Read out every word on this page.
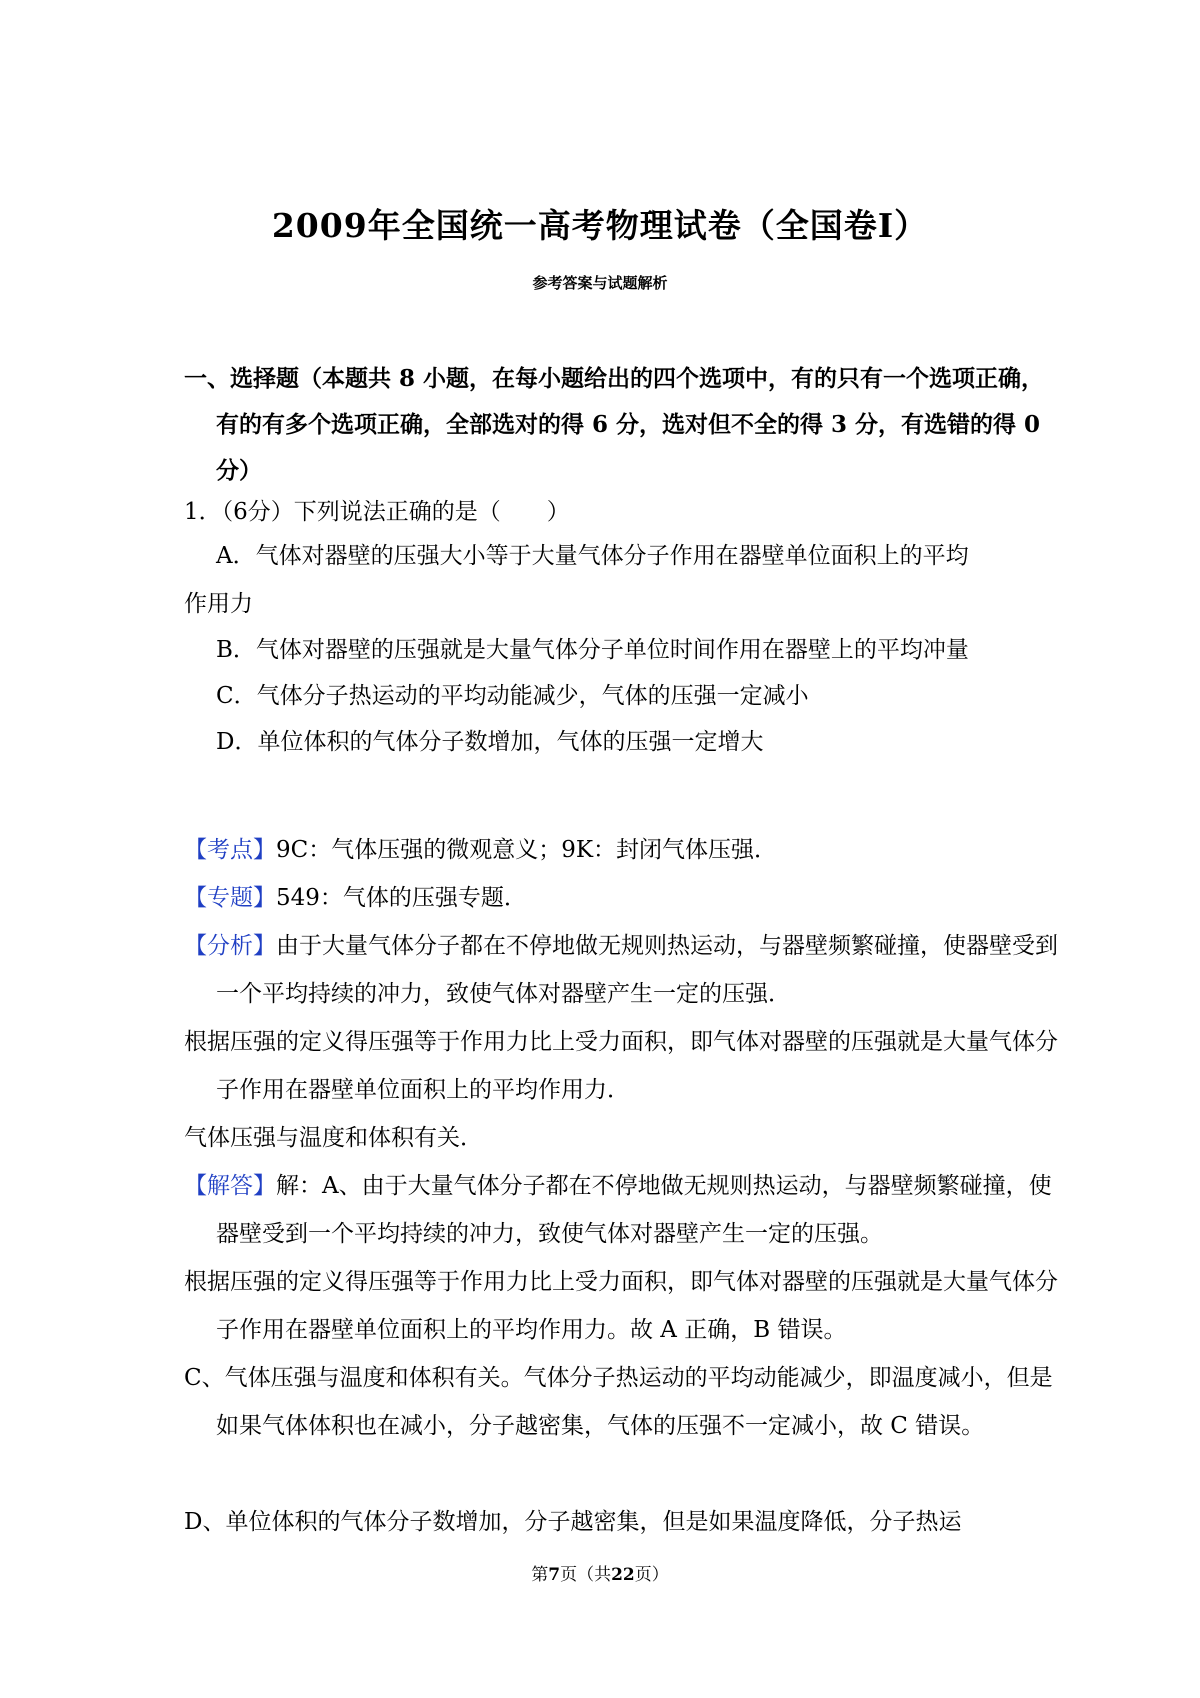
2009年全国统一高考物理试卷（全国卷I）
参考答案与试题解析
一、选择题（本题共 8 小题，在每小题给出的四个选项中，有的只有一个选项正确，有的有多个选项正确，全部选对的得 6 分，选对但不全的得 3 分，有选错的得 0 分）
1．（6分）下列说法正确的是（　　）
A．气体对器壁的压强大小等于大量气体分子作用在器壁单位面积上的平均
作用力
B．气体对器壁的压强就是大量气体分子单位时间作用在器壁上的平均冲量
C．气体分子热运动的平均动能减少，气体的压强一定减小
D．单位体积的气体分子数增加，气体的压强一定增大
【考点】9C：气体压强的微观意义；9K：封闭气体压强．
【专题】549：气体的压强专题．
【分析】由于大量气体分子都在不停地做无规则热运动，与器壁频繁碰撞，使器壁受到一个平均持续的冲力，致使气体对器壁产生一定的压强．
根据压强的定义得压强等于作用力比上受力面积，即气体对器壁的压强就是大量气体分子作用在器壁单位面积上的平均作用力．
气体压强与温度和体积有关．
【解答】解：A、由于大量气体分子都在不停地做无规则热运动，与器壁频繁碰撞，使器壁受到一个平均持续的冲力，致使气体对器壁产生一定的压强。
根据压强的定义得压强等于作用力比上受力面积，即气体对器壁的压强就是大量气体分子作用在器壁单位面积上的平均作用力。故 A 正确，B 错误。
C、气体压强与温度和体积有关。气体分子热运动的平均动能减少，即温度减小，但是如果气体体积也在减小，分子越密集，气体的压强不一定减小，故 C 错误。
D、单位体积的气体分子数增加，分子越密集，但是如果温度降低，分子热运
第7页（共22页）
